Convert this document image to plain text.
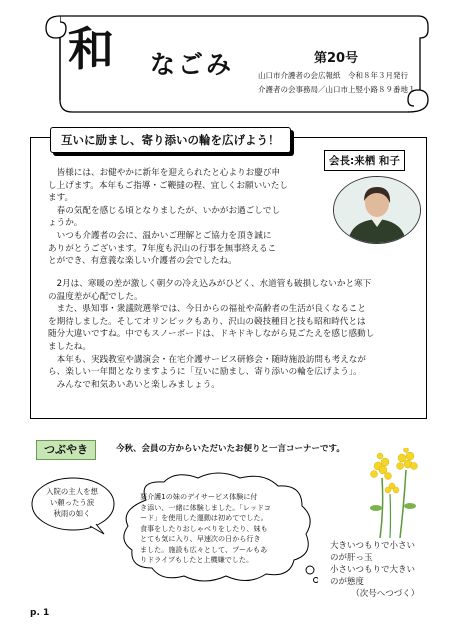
和 なごみ	第20号
山口市介護者の会広報紙　令和８年３月発行
介護者の会事務局／山口市上竪小路８９番地１
互いに励まし、寄り添いの輪を広げよう！
会長:来栖 和子
　皆様には、お健やかに新年を迎えられたと心よりお慶び申
し上げます。本年もご指導・ご鞭撻の程、宜しくお願いいたし
ます。
　春の気配を感じる頃となりましたが、いかがお過ごしでし
ょうか。
　いつも介護者の会に、温かいご理解とご協力を頂き誠に
ありがとうございます。7年度も沢山の行事を無事終えるこ
とができ、有意義な楽しい介護者の会でしたね。
　2月は、寒暖の差が激しく朝夕の冷え込みがひどく、水道管も破損しないかと寒下
の温度差が心配でした。
　また、県知事・衆議院選挙では、今日からの福祉や高齢者の生活が良くなること
を期待しました。そしてオリンピックもあり、沢山の競技種目と技も昭和時代とは
随分大違いですね。中でもスノーボードは、ドキドキしながら見ごたえを感じ感動し
ましたね。
　本年も、実践教室や講演会・在宅介護サービス研修会・随時施設訪問も考えなが
ら、楽しい一年間となりますように「互いに励まし、寄り添いの輪を広げよう」。
　みんなで和気あいあいと楽しみましょう。
つぶやき	今秋、会員の方からいただいたお便りと一言コーナーです。
入院の主人を想
い頼ったう涙
秋雨の如く
要介護1の妹のデイサービス体験に付
き添い、一緒に体験しました。「レッドコ
ード」を使用した運動は初めてでした。
食事をしたりおしゃべりをしたり、妹も
とても気に入り、早速次の日から行き
ました。施設も広々として、プールもあ
りドライブもしたと上機嫌でした。
大きいつもりで小さい
のが肝っ玉
小さいつもりで大きい
のが態度
　　　（次号へつづく）
p. 1
